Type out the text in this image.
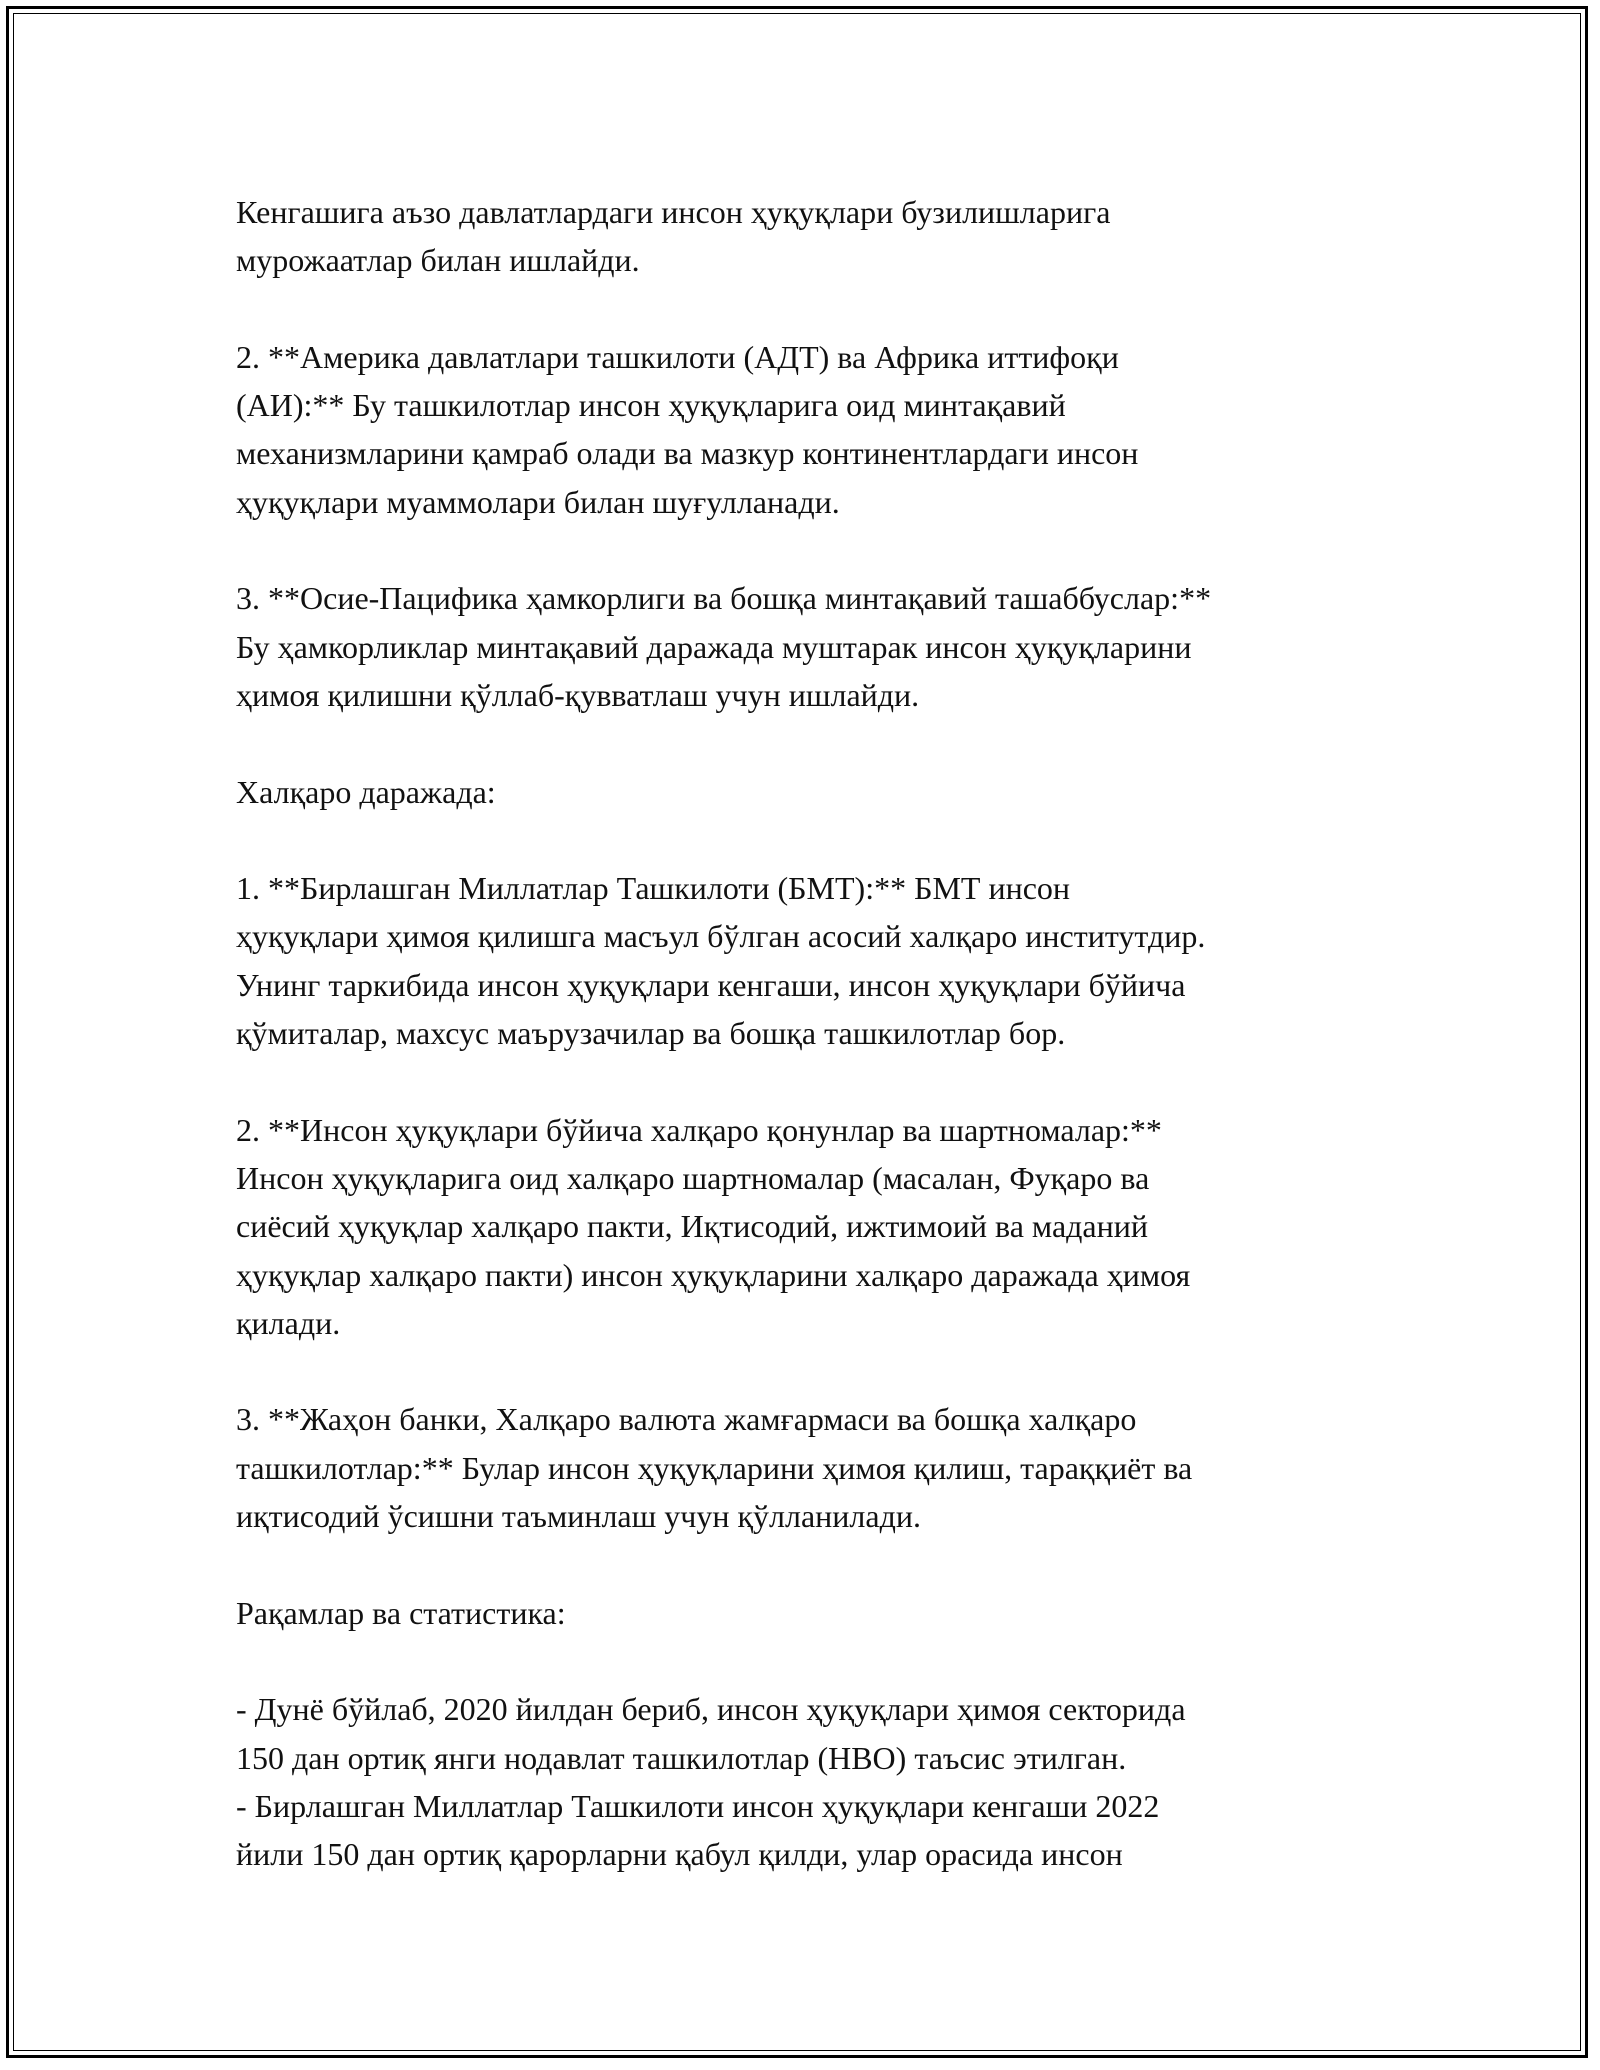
Кенгашига аъзо давлатлардаги инсон ҳуқуқлари бузилишларига
мурожаатлар билан ишлайди.

2. **Америка давлатлари ташкилоти (АДТ) ва Африка иттифоқи
(АИ):** Бу ташкилотлар инсон ҳуқуқларига оид минтақавий
механизмларини қамраб олади ва мазкур континентлардаги инсон
ҳуқуқлари муаммолари билан шуғулланади.

3. **Осие-Пацифика ҳамкорлиги ва бошқа минтақавий ташаббуслар:**
Бу ҳамкорликлар минтақавий даражада муштарак инсон ҳуқуқларини
ҳимоя қилишни қўллаб-қувватлаш учун ишлайди.

Халқаро даражада:

1. **Бирлашган Миллатлар Ташкилоти (БМТ):** БМТ инсон
ҳуқуқлари ҳимоя қилишга масъул бўлган асосий халқаро институтдир.
Унинг таркибида инсон ҳуқуқлари кенгаши, инсон ҳуқуқлари бўйича
қўмиталар, махсус маърузачилар ва бошқа ташкилотлар бор.

2. **Инсон ҳуқуқлари бўйича халқаро қонунлар ва шартномалар:**
Инсон ҳуқуқларига оид халқаро шартномалар (масалан, Фуқаро ва
сиёсий ҳуқуқлар халқаро пакти, Иқтисодий, ижтимоий ва маданий
ҳуқуқлар халқаро пакти) инсон ҳуқуқларини халқаро даражада ҳимоя
қилади.

3. **Жаҳон банки, Халқаро валюта жамғармаси ва бошқа халқаро
ташкилотлар:** Булар инсон ҳуқуқларини ҳимоя қилиш, тараққиёт ва
иқтисодий ўсишни таъминлаш учун қўлланилади.

Рақамлар ва статистика:

- Дунё бўйлаб, 2020 йилдан бериб, инсон ҳуқуқлари ҳимоя секторида
150 дан ортиқ янги нодавлат ташкилотлар (НВО) таъсис этилган.

- Бирлашган Миллатлар Ташкилоти инсон ҳуқуқлари кенгаши 2022
йили 150 дан ортиқ қарорларни қабул қилди, улар орасида инсон
